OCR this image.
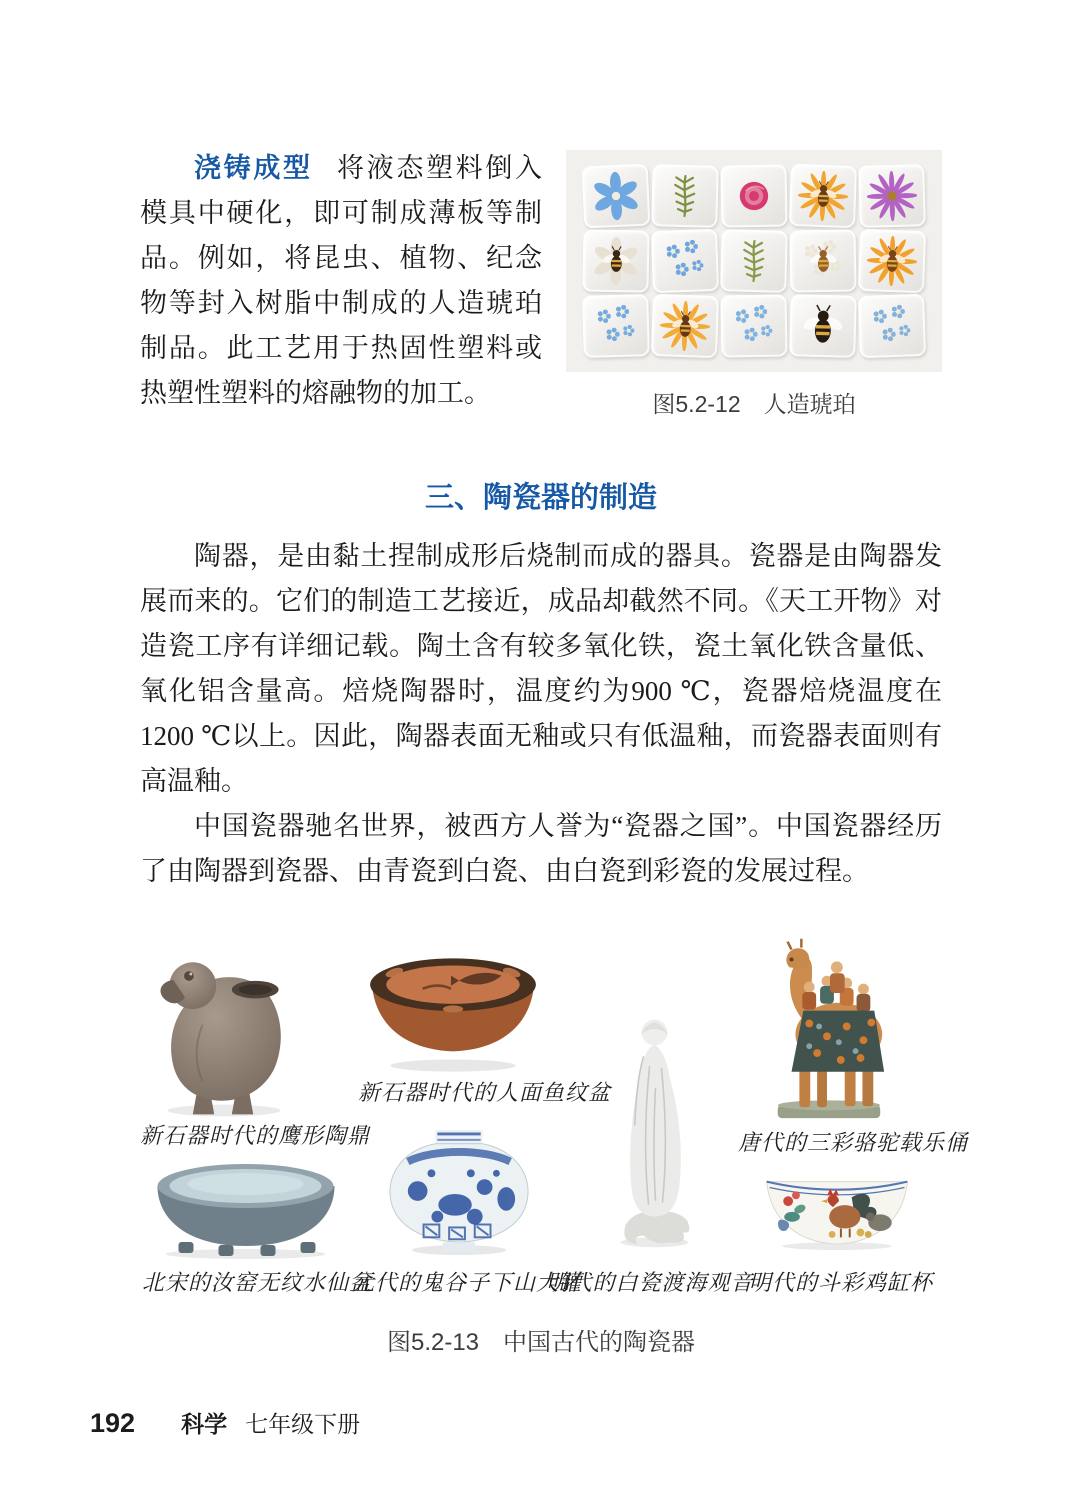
图5.2-12　人造琥珀

浇铸成型 将液态塑料倒入模具中硬化，即可制成薄板等制品。例如，将昆虫、植物、纪念物等封入树脂中制成的人造琥珀制品。此工艺用于热固性塑料或热塑性塑料的熔融物的加工。

三、陶瓷器的制造

陶器，是由黏土捏制成形后烧制而成的器具。瓷器是由陶器发展而来的。它们的制造工艺接近，成品却截然不同。《天工开物》对造瓷工序有详细记载。陶土含有较多氧化铁，瓷土氧化铁含量低、氧化铝含量高。焙烧陶器时，温度约为900 ℃，瓷器焙烧温度在1200 ℃以上。因此，陶器表面无釉或只有低温釉，而瓷器表面则有高温釉。

中国瓷器驰名世界，被西方人誉为“瓷器之国”。中国瓷器经历了由陶器到瓷器、由青瓷到白瓷、由白瓷到彩瓷的发展过程。

新石器时代的鹰形陶鼎
新石器时代的人面鱼纹盆
唐代的三彩骆驼载乐俑
北宋的汝窑无纹水仙盆
元代的鬼谷子下山大罐
明代的白瓷渡海观音
明代的斗彩鸡缸杯
图5.2-13　中国古代的陶瓷器
192 科学 七年级下册
